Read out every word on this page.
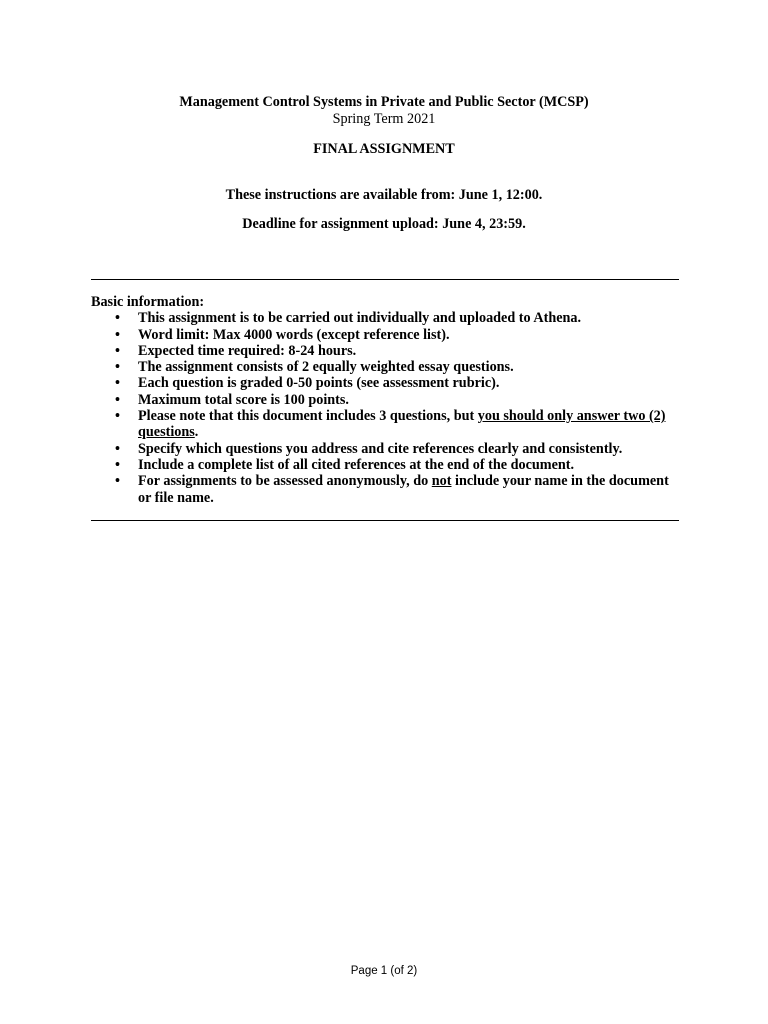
Management Control Systems in Private and Public Sector (MCSP)
Spring Term 2021
FINAL ASSIGNMENT
These instructions are available from: June 1, 12:00.
Deadline for assignment upload: June 4, 23:59.
Basic information:
• This assignment is to be carried out individually and uploaded to Athena.
• Word limit: Max 4000 words (except reference list).
• Expected time required: 8-24 hours.
• The assignment consists of 2 equally weighted essay questions.
• Each question is graded 0-50 points (see assessment rubric).
• Maximum total score is 100 points.
• Please note that this document includes 3 questions, but you should only answer two (2)
questions.
• Specify which questions you address and cite references clearly and consistently.
• Include a complete list of all cited references at the end of the document.
• For assignments to be assessed anonymously, do not include your name in the document
or file name.
Page 1 (of 2)
